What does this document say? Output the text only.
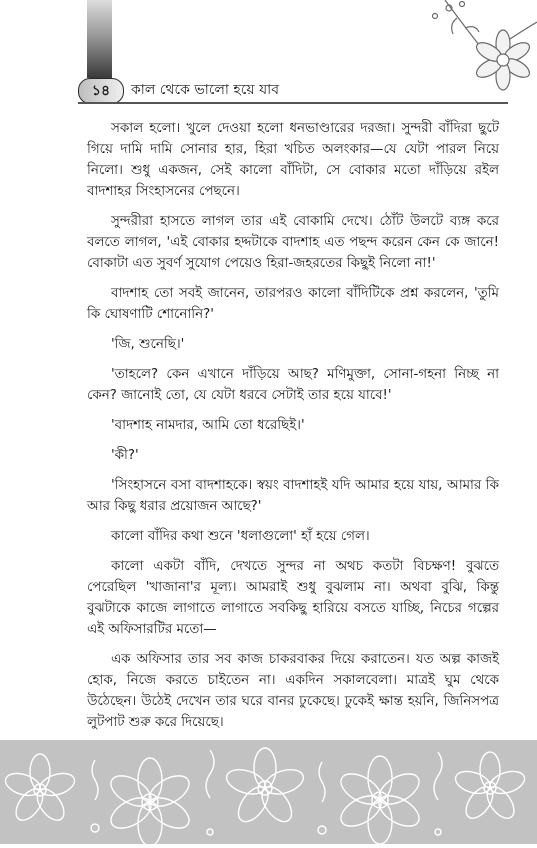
১৪	কাল থেকে ভালো হয়ে যাব

সকাল হলো। খুলে দেওয়া হলো ধনভাণ্ডারের দরজা। সুন্দরী বাঁদিরা ছুটে গিয়ে দামি দামি সোনার হার, হিরা খচিত অলংকার—যে যেটা পারল নিয়ে নিলো। শুধু একজন, সেই কালো বাঁদিটা, সে বোকার মতো দাঁড়িয়ে রইল বাদশাহর সিংহাসনের পেছনে।

সুন্দরীরা হাসতে লাগল তার এই বোকামি দেখে। ঠোঁট উলটে ব্যঙ্গ করে বলতে লাগল, 'এই বোকার হদ্দটাকে বাদশাহ এত পছন্দ করেন কেন কে জানে! বোকাটা এত সুবর্ণ সুযোগ পেয়েও হিরা-জহরতের কিছুই নিলো না!'

বাদশাহ তো সবই জানেন, তারপরও কালো বাঁদিটিকে প্রশ্ন করলেন, 'তুমি কি ঘোষণাটি শোনোনি?'

'জি, শুনেছি।'

'তাহলে? কেন এখানে দাঁড়িয়ে আছ? মণিমুক্তা, সোনা-গহনা নিচ্ছ না কেন? জানোই তো, যে যেটা ধরবে সেটাই তার হয়ে যাবে!'

'বাদশাহ নামদার, আমি তো ধরেছিই।'

'কী?'

'সিংহাসনে বসা বাদশাহকে। স্বয়ং বাদশাহই যদি আমার হয়ে যায়, আমার কি আর কিছু ধরার প্রয়োজন আছে?'

কালো বাঁদির কথা শুনে 'ধলাগুলো' হাঁ হয়ে গেল।

কালো একটা বাঁদি, দেখতে সুন্দর না অথচ কতটা বিচক্ষণ! বুঝতে পেরেছিল 'খাজানা'র মূল্য। আমরাই শুধু বুঝলাম না। অথবা বুঝি, কিন্তু বুঝটাকে কাজে লাগাতে লাগাতে সবকিছু হারিয়ে বসতে যাচ্ছি, নিচের গল্পের এই অফিসারটির মতো—

এক অফিসার তার সব কাজ চাকরবাকর দিয়ে করাতেন। যত অল্প কাজই হোক, নিজে করতে চাইতেন না। একদিন সকালবেলা। মাত্রই ঘুম থেকে উঠেছেন। উঠেই দেখেন তার ঘরে বানর ঢুকেছে। ঢুকেই ক্ষান্ত হয়নি, জিনিসপত্র লুটপাট শুরু করে দিয়েছে।
